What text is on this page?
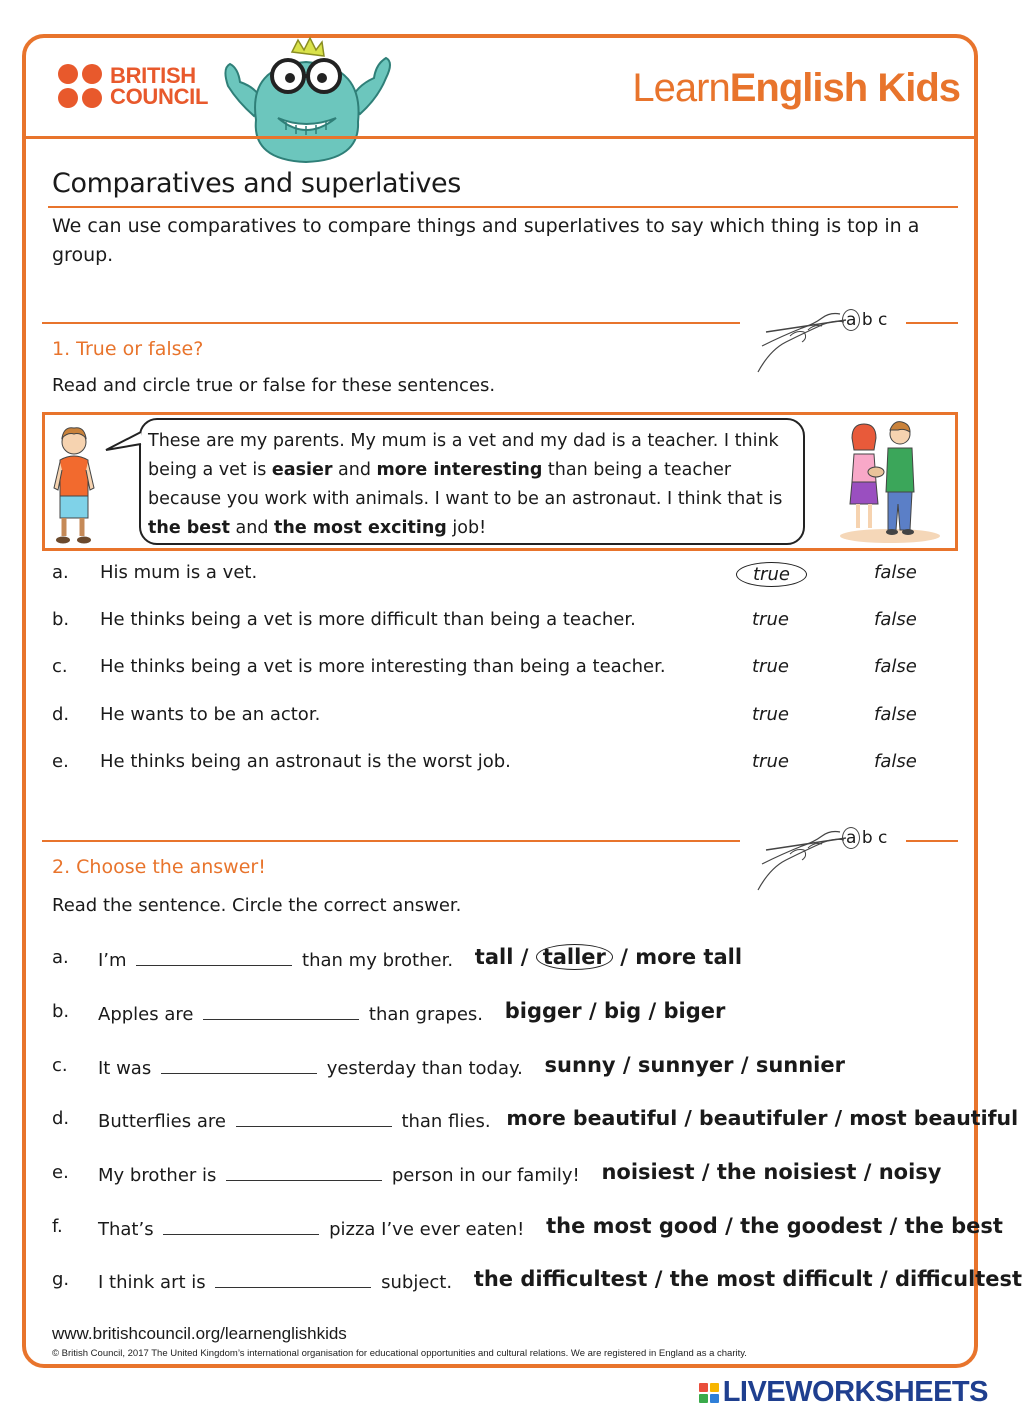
BRITISH
COUNCIL	LearnEnglish Kids
Comparatives and superlatives
We can use comparatives to compare things and superlatives to say which thing is top in a group.
a b c
1. True or false?
Read and circle true or false for these sentences.
These are my parents. My mum is a vet and my dad is a teacher. I think being a vet is easier and more interesting than being a teacher because you work with animals. I want to be an astronaut. I think that is the best and the most exciting job!
a. His mum is a vet.	true	false
b. He thinks being a vet is more difficult than being a teacher.	true	false
c. He thinks being a vet is more interesting than being a teacher.	true	false
d. He wants to be an actor.	true	false
e. He thinks being an astronaut is the worst job.	true	false
a b c
2. Choose the answer!
Read the sentence. Circle the correct answer.
a. I’m	than my brother. tall / taller / more tall
b. Apples are	than grapes. bigger / big / biger
c. It was	yesterday than today. sunny / sunnyer / sunnier
d. Butterflies are	than flies. more beautiful / beautifuler / most beautiful
e. My brother is	person in our family! noisiest / the noisiest / noisy
f. That’s	pizza I’ve ever eaten! the most good / the goodest / the best
g. I think art is	subject. the difficultest / the most difficult / difficultest
www.britishcouncil.org/learnenglishkids
© British Council, 2017 The United Kingdom’s international organisation for educational opportunities and cultural relations. We are registered in England as a charity.
LIVEWORKSHEETS
